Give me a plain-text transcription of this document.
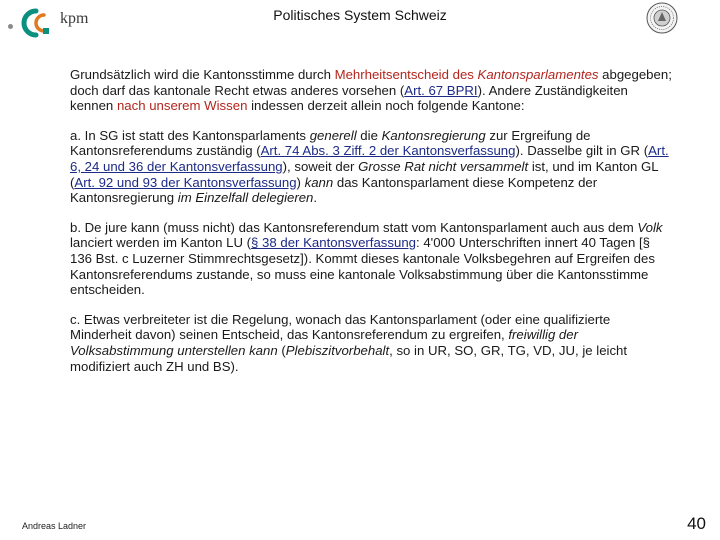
kpm	Politisches System Schweiz

Grundsätzlich wird die Kantonsstimme durch Mehrheitsentscheid des Kantonsparlamentes abgegeben; doch darf das kantonale Recht etwas anderes vorsehen (Art. 67 BPRI). Andere Zuständigkeiten kennen nach unserem Wissen indessen derzeit allein noch folgende Kantone:

a. In SG ist statt des Kantonsparlaments generell die Kantonsregierung zur Ergreifung de Kantonsreferendums zuständig (Art. 74 Abs. 3 Ziff. 2 der Kantonsverfassung). Dasselbe gilt in GR (Art. 6, 24 und 36 der Kantonsverfassung), soweit der Grosse Rat nicht versammelt ist, und im Kanton GL (Art. 92 und 93 der Kantonsverfassung) kann das Kantonsparlament diese Kompetenz der Kantonsregierung im Einzelfall delegieren.

b. De jure kann (muss nicht) das Kantonsreferendum statt vom Kantonsparlament auch aus dem Volk lanciert werden im Kanton LU (§ 38 der Kantonsverfassung: 4'000 Unterschriften innert 40 Tagen [§ 136 Bst. c Luzerner Stimmrechtsgesetz]). Kommt dieses kantonale Volksbegehren auf Ergreifen des Kantonsreferendums zustande, so muss eine kantonale Volksabstimmung über die Kantonsstimme entscheiden.

c. Etwas verbreiteter ist die Regelung, wonach das Kantonsparlament (oder eine qualifizierte Minderheit davon) seinen Entscheid, das Kantonsreferendum zu ergreifen, freiwillig der Volksabstimmung unterstellen kann (Plebiszitvorbehalt, so in UR, SO, GR, TG, VD, JU, je leicht modifiziert auch ZH und BS).

Andreas Ladner	40
